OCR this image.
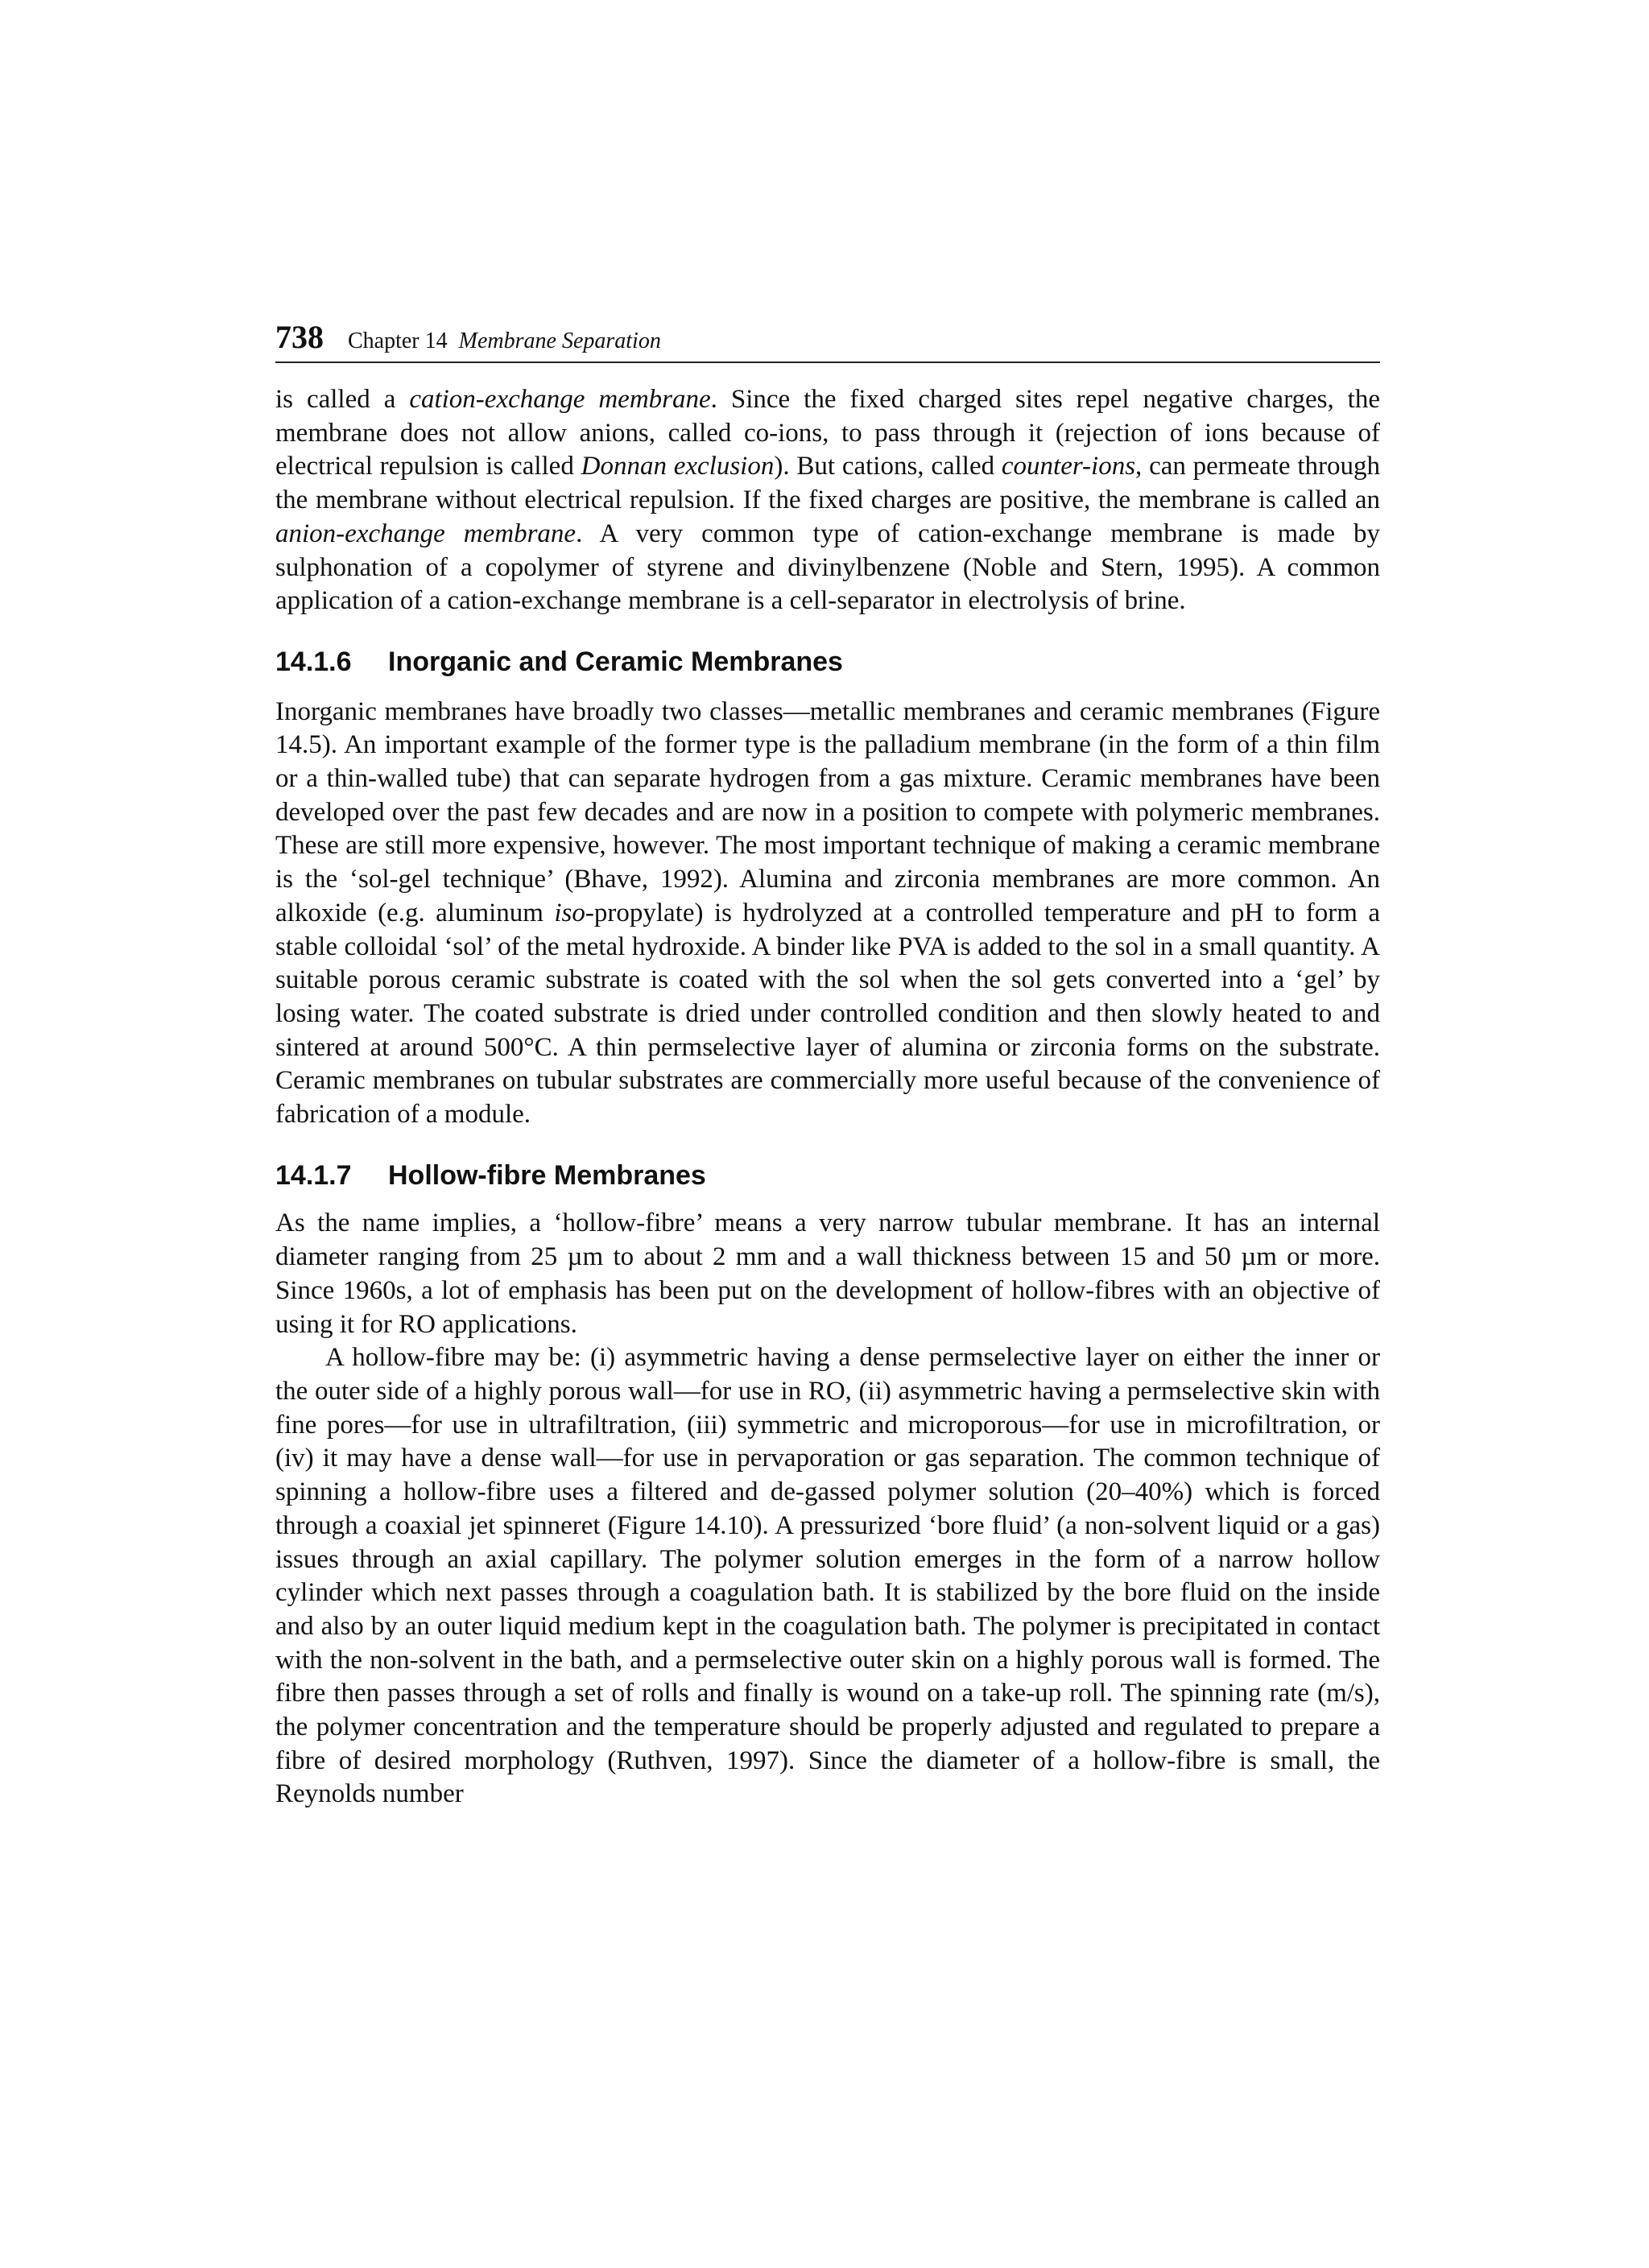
738 Chapter 14 Membrane Separation

is called a cation-exchange membrane. Since the fixed charged sites repel negative charges, the membrane does not allow anions, called co-ions, to pass through it (rejection of ions because of electrical repulsion is called Donnan exclusion). But cations, called counter-ions, can permeate through the membrane without electrical repulsion. If the fixed charges are positive, the membrane is called an anion-exchange membrane. A very common type of cation-exchange membrane is made by sulphonation of a copolymer of styrene and divinylbenzene (Noble and Stern, 1995). A common application of a cation-exchange membrane is a cell-separator in electrolysis of brine.

14.1.6 Inorganic and Ceramic Membranes

Inorganic membranes have broadly two classes—metallic membranes and ceramic membranes (Figure 14.5). An important example of the former type is the palladium membrane (in the form of a thin film or a thin-walled tube) that can separate hydrogen from a gas mixture. Ceramic membranes have been developed over the past few decades and are now in a position to compete with polymeric membranes. These are still more expensive, however. The most important technique of making a ceramic membrane is the ‘sol-gel technique’ (Bhave, 1992). Alumina and zirconia membranes are more common. An alkoxide (e.g. aluminum iso-propylate) is hydrolyzed at a controlled temperature and pH to form a stable colloidal ‘sol’ of the metal hydroxide. A binder like PVA is added to the sol in a small quantity. A suitable porous ceramic substrate is coated with the sol when the sol gets converted into a ‘gel’ by losing water. The coated substrate is dried under controlled condition and then slowly heated to and sintered at around 500°C. A thin permselective layer of alumina or zirconia forms on the substrate. Ceramic membranes on tubular substrates are commercially more useful because of the convenience of fabrication of a module.

14.1.7 Hollow-fibre Membranes

As the name implies, a ‘hollow-fibre’ means a very narrow tubular membrane. It has an internal diameter ranging from 25 µm to about 2 mm and a wall thickness between 15 and 50 µm or more. Since 1960s, a lot of emphasis has been put on the development of hollow-fibres with an objective of using it for RO applications.

A hollow-fibre may be: (i) asymmetric having a dense permselective layer on either the inner or the outer side of a highly porous wall—for use in RO, (ii) asymmetric having a permselective skin with fine pores—for use in ultrafiltration, (iii) symmetric and microporous—for use in microfiltration, or (iv) it may have a dense wall—for use in pervaporation or gas separation. The common technique of spinning a hollow-fibre uses a filtered and de-gassed polymer solution (20–40%) which is forced through a coaxial jet spinneret (Figure 14.10). A pressurized ‘bore fluid’ (a non-solvent liquid or a gas) issues through an axial capillary. The polymer solution emerges in the form of a narrow hollow cylinder which next passes through a coagulation bath. It is stabilized by the bore fluid on the inside and also by an outer liquid medium kept in the coagulation bath. The polymer is precipitated in contact with the non-solvent in the bath, and a permselective outer skin on a highly porous wall is formed. The fibre then passes through a set of rolls and finally is wound on a take-up roll. The spinning rate (m/s), the polymer concentration and the temperature should be properly adjusted and regulated to prepare a fibre of desired morphology (Ruthven, 1997). Since the diameter of a hollow-fibre is small, the Reynolds number
